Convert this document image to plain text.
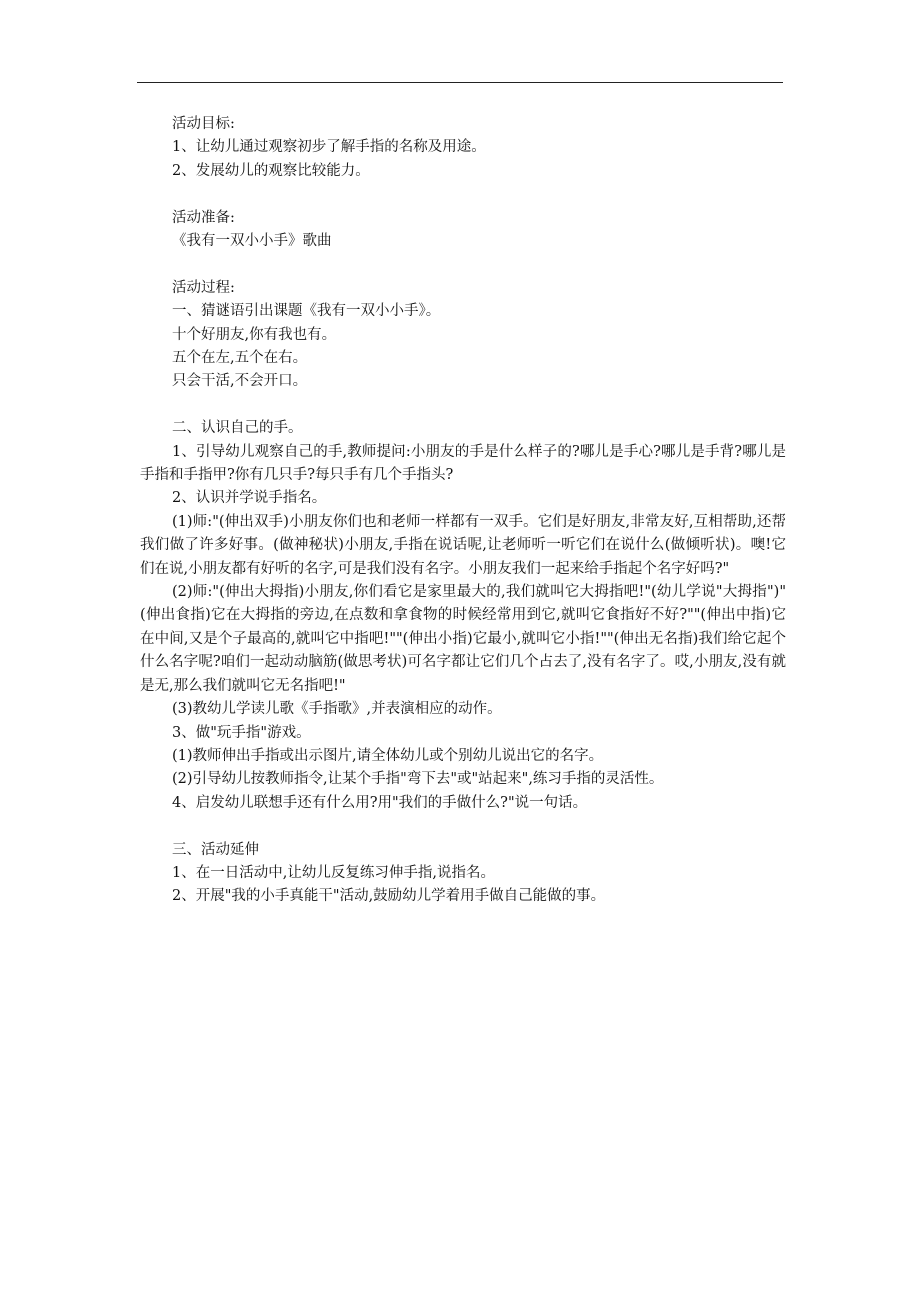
活动目标:

1、让幼儿通过观察初步了解手指的名称及用途。

2、发展幼儿的观察比较能力。

活动准备:

《我有一双小小手》歌曲

活动过程:

一、猜谜语引出课题《我有一双小小手》。

十个好朋友,你有我也有。

五个在左,五个在右。

只会干活,不会开口。

二、认识自己的手。

1、引导幼儿观察自己的手,教师提问:小朋友的手是什么样子的?哪儿是手心?哪儿是手背?哪儿是手指和手指甲?你有几只手?每只手有几个手指头?

2、认识并学说手指名。

(1)师:"(伸出双手)小朋友你们也和老师一样都有一双手。它们是好朋友,非常友好,互相帮助,还帮我们做了许多好事。(做神秘状)小朋友,手指在说话呢,让老师听一听它们在说什么(做倾听状)。噢!它们在说,小朋友都有好听的名字,可是我们没有名字。小朋友我们一起来给手指起个名字好吗?"

(2)师:"(伸出大拇指)小朋友,你们看它是家里最大的,我们就叫它大拇指吧!"(幼儿学说"大拇指")"(伸出食指)它在大拇指的旁边,在点数和拿食物的时候经常用到它,就叫它食指好不好?""(伸出中指)它在中间,又是个子最高的,就叫它中指吧!""(伸出小指)它最小,就叫它小指!""(伸出无名指)我们给它起个什么名字呢?咱们一起动动脑筋(做思考状)可名字都让它们几个占去了,没有名字了。哎,小朋友,没有就是无,那么我们就叫它无名指吧!"

(3)教幼儿学读儿歌《手指歌》,并表演相应的动作。

3、做"玩手指"游戏。

(1)教师伸出手指或出示图片,请全体幼儿或个别幼儿说出它的名字。

(2)引导幼儿按教师指令,让某个手指"弯下去"或"站起来",练习手指的灵活性。

4、启发幼儿联想手还有什么用?用"我们的手做什么?"说一句话。

三、活动延伸

1、在一日活动中,让幼儿反复练习伸手指,说指名。

2、开展"我的小手真能干"活动,鼓励幼儿学着用手做自己能做的事。
